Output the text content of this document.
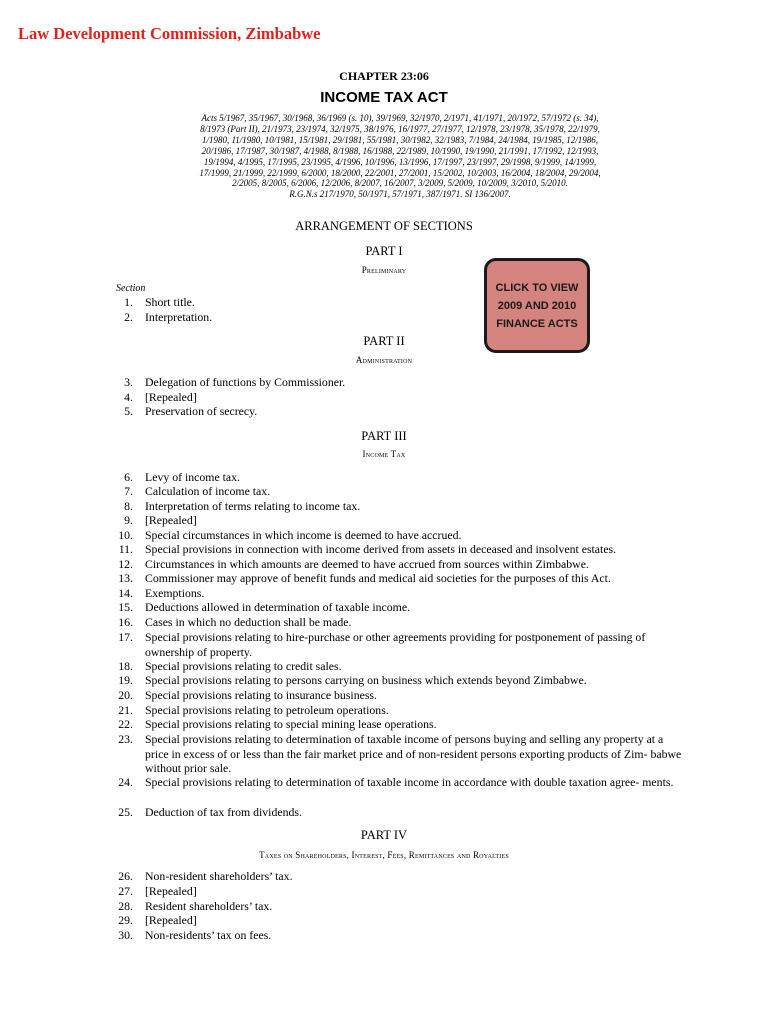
Law Development Commission, Zimbabwe
CHAPTER 23:06
INCOME TAX ACT
Acts 5/1967, 35/1967, 30/1968, 36/1969 (s. 10), 39/1969, 32/1970, 2/1971, 41/1971, 20/1972, 57/1972 (s. 34),
8/1973 (Part II), 21/1973, 23/1974, 32/1975, 38/1976, 16/1977, 27/1977, 12/1978, 23/1978, 35/1978, 22/1979,
1/1980, 11/1980, 10/1981, 15/1981, 29/1981, 55/1981, 30/1982, 32/1983, 7/1984, 24/1984, 19/1985, 12/1986,
20/1986, 17/1987, 30/1987, 4/1988, 8/1988, 16/1988, 22/1989, 10/1990, 19/1990, 21/1991, 17/1992, 12/1993,
19/1994, 4/1995, 17/1995, 23/1995, 4/1996, 10/1996, 13/1996, 17/1997, 23/1997, 29/1998, 9/1999, 14/1999,
17/1999, 21/1999, 22/1999, 6/2000, 18/2000, 22/2001, 27/2001, 15/2002, 10/2003, 16/2004, 18/2004, 29/2004,
2/2005, 8/2005, 6/2006, 12/2006, 8/2007, 16/2007, 3/2009, 5/2009, 10/2009, 3/2010, 5/2010.
R.G.N.s 217/1970, 50/1971, 57/1971, 387/1971. SI 136/2007.
ARRANGEMENT OF SECTIONS
PART I
Preliminary
Section	CLICK TO VIEW 2009 AND 2010 FINANCE ACTS
PART II
Administration
PART III
Income Tax
PART IV
Taxes on Shareholders, Interest, Fees, Remittances and Royalties
1. Short title.
2. Interpretation.
3. Delegation of functions by Commissioner.
4. [Repealed]
5. Preservation of secrecy.
6. Levy of income tax.
7. Calculation of income tax.
8. Interpretation of terms relating to income tax.
9. [Repealed]
10. Special circumstances in which income is deemed to have accrued.
11. Special provisions in connection with income derived from assets in deceased and insolvent estates.
12. Circumstances in which amounts are deemed to have accrued from sources within Zimbabwe.
13. Commissioner may approve of benefit funds and medical aid societies for the purposes of this Act.
14. Exemptions.
15. Deductions allowed in determination of taxable income.
16. Cases in which no deduction shall be made.
17. Special provisions relating to hire-purchase or other agreements providing for postponement of passing of ownership of property.
18. Special provisions relating to credit sales.
19. Special provisions relating to persons carrying on business which extends beyond Zimbabwe.
20. Special provisions relating to insurance business.
21. Special provisions relating to petroleum operations.
22. Special provisions relating to special mining lease operations.
23. Special provisions relating to determination of taxable income of persons buying and selling any property at a price in excess of or less than the fair market price and of non-resident persons exporting products of Zim- babwe without prior sale.
24. Special provisions relating to determination of taxable income in accordance with double taxation agree- ments.
25. Deduction of tax from dividends.
26. Non-resident shareholders’ tax.
27. [Repealed]
28. Resident shareholders’ tax.
29. [Repealed]
30. Non-residents’ tax on fees.
